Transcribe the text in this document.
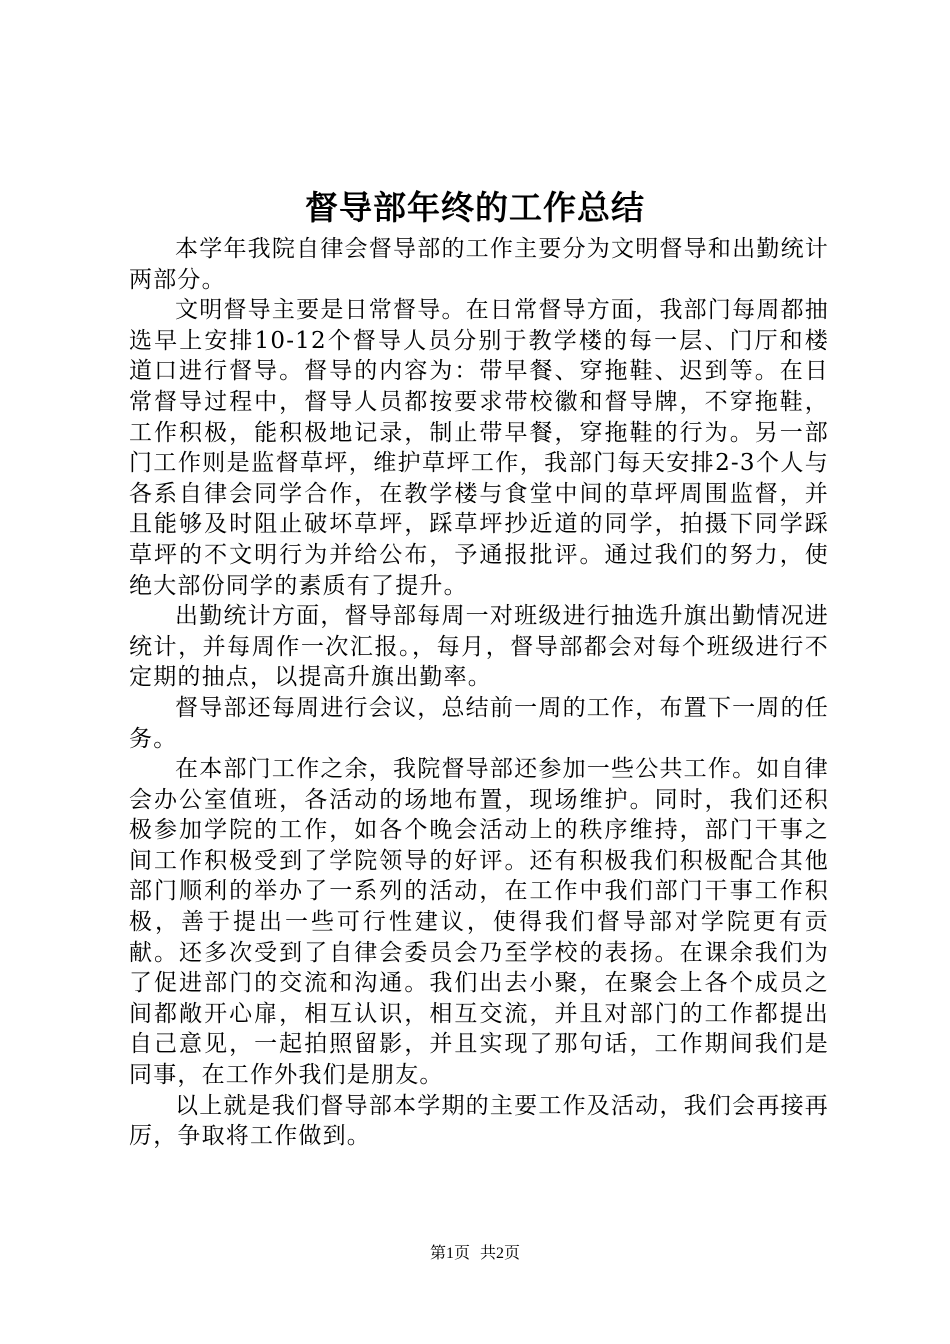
督导部年终的工作总结

本学年我院自律会督导部的工作主要分为文明督导和出勤统计两部分。

文明督导主要是日常督导。在日常督导方面，我部门每周都抽选早上安排10-12个督导人员分别于教学楼的每一层、门厅和楼道口进行督导。督导的内容为：带早餐、穿拖鞋、迟到等。在日常督导过程中，督导人员都按要求带校徽和督导牌，不穿拖鞋，工作积极，能积极地记录，制止带早餐，穿拖鞋的行为。另一部门工作则是监督草坪，维护草坪工作，我部门每天安排2-3个人与各系自律会同学合作，在教学楼与食堂中间的草坪周围监督，并且能够及时阻止破坏草坪，踩草坪抄近道的同学，拍摄下同学踩草坪的不文明行为并给公布，予通报批评。通过我们的努力，使绝大部份同学的素质有了提升。

出勤统计方面，督导部每周一对班级进行抽选升旗出勤情况进统计，并每周作一次汇报。，每月，督导部都会对每个班级进行不定期的抽点，以提高升旗出勤率。

督导部还每周进行会议，总结前一周的工作，布置下一周的任务。

在本部门工作之余，我院督导部还参加一些公共工作。如自律会办公室值班，各活动的场地布置，现场维护。同时，我们还积极参加学院的工作，如各个晚会活动上的秩序维持，部门干事之间工作积极受到了学院领导的好评。还有积极我们积极配合其他部门顺利的举办了一系列的活动，在工作中我们部门干事工作积极，善于提出一些可行性建议，使得我们督导部对学院更有贡献。还多次受到了自律会委员会乃至学校的表扬。在课余我们为了促进部门的交流和沟通。我们出去小聚，在聚会上各个成员之间都敞开心扉，相互认识，相互交流，并且对部门的工作都提出自己意见，一起拍照留影，并且实现了那句话，工作期间我们是同事，在工作外我们是朋友。

以上就是我们督导部本学期的主要工作及活动，我们会再接再厉，争取将工作做到。

第1页 共2页
